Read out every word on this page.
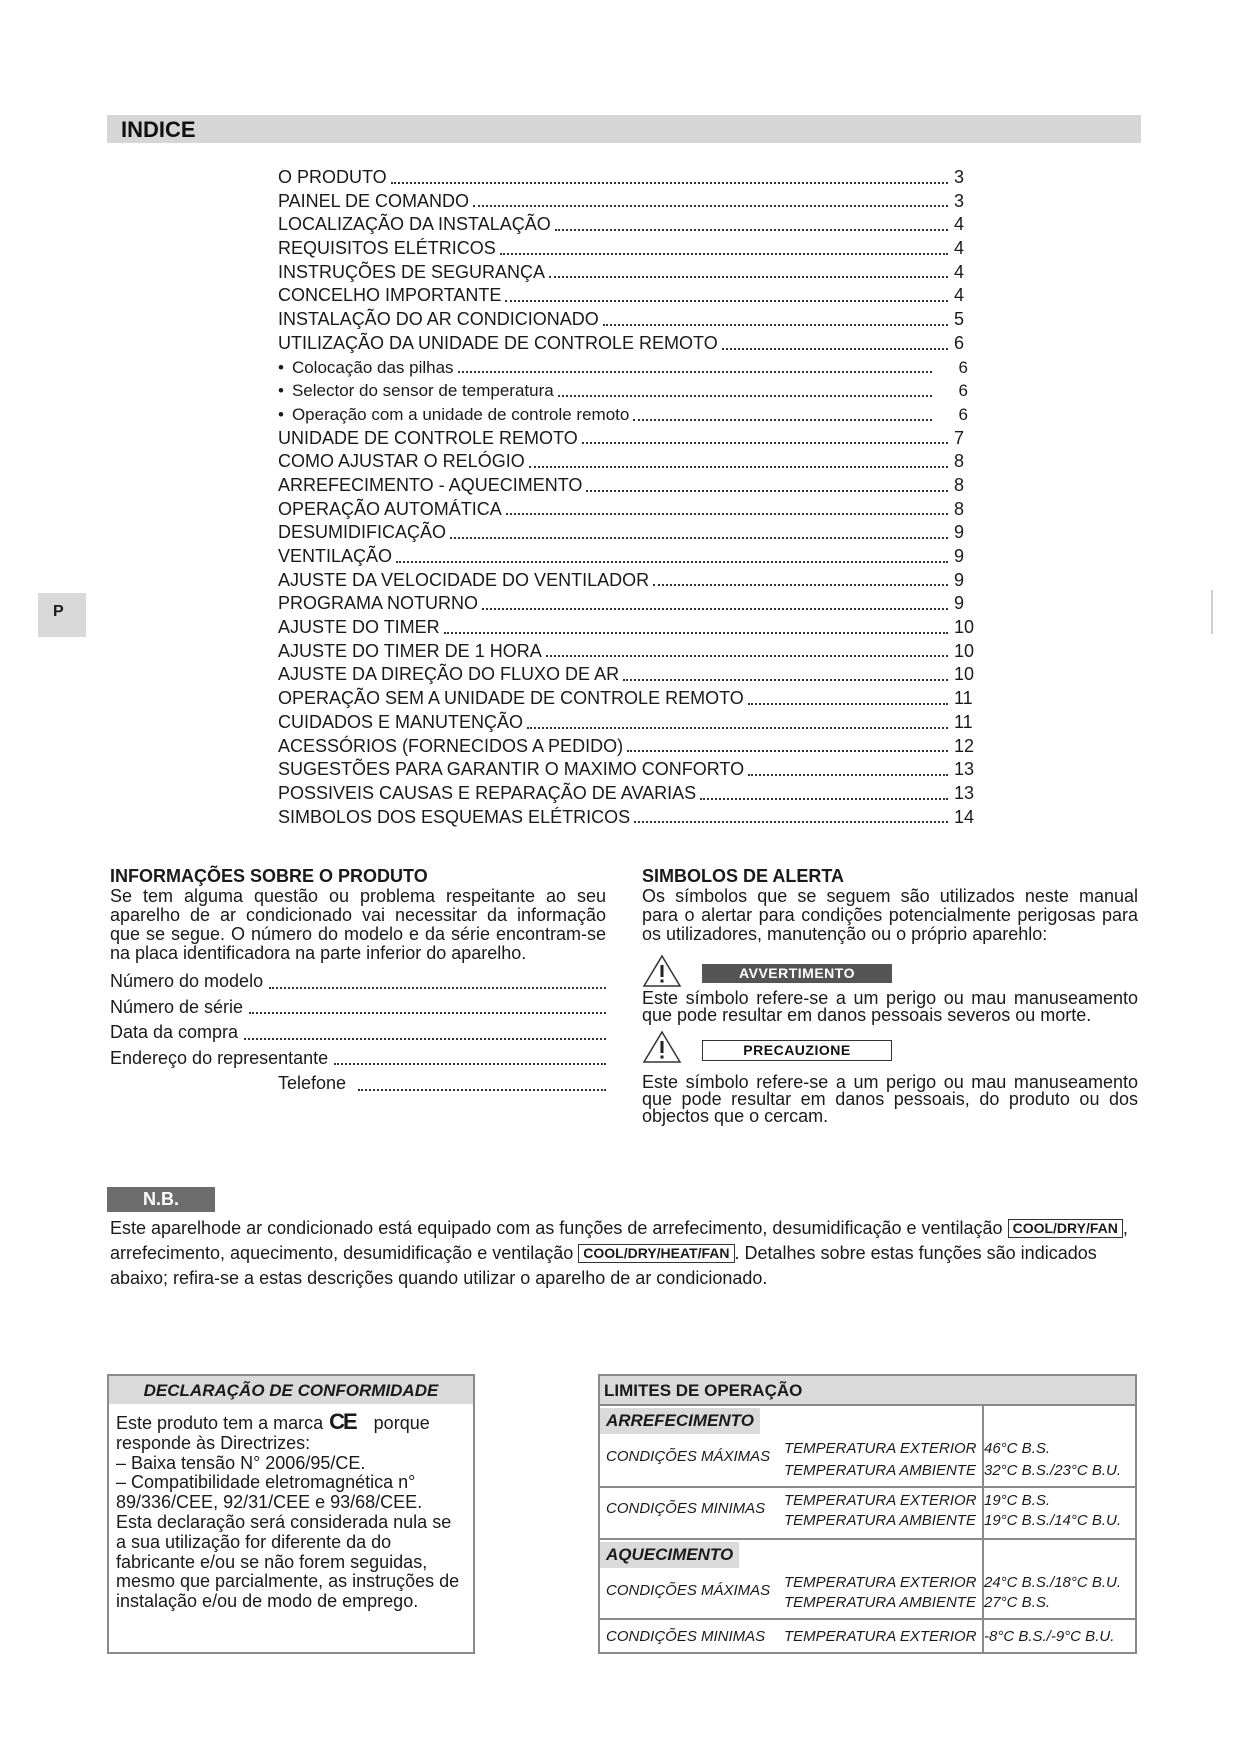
INDICE
O PRODUTO	3
PAINEL DE COMANDO	3
LOCALIZAÇÃO DA INSTALAÇÃO	4
REQUISITOS ELÉTRICOS	4
INSTRUÇÕES DE SEGURANÇA	4
CONCELHO IMPORTANTE	4
INSTALAÇÃO DO AR CONDICIONADO	5
UTILIZAÇÃO DA UNIDADE DE CONTROLE REMOTO	6
• Colocação das pilhas	6
• Selector do sensor de temperatura	6
• Operação com a unidade de controle remoto	6
UNIDADE DE CONTROLE REMOTO	7
COMO AJUSTAR O RELÓGIO	8
ARREFECIMENTO - AQUECIMENTO	8
OPERAÇÃO AUTOMÁTICA	8
DESUMIDIFICAÇÃO	9
VENTILAÇÃO	9
AJUSTE DA VELOCIDADE DO VENTILADOR	9
PROGRAMA NOTURNO	9
AJUSTE DO TIMER	10
AJUSTE DO TIMER DE 1 HORA	10
AJUSTE DA DIREÇÃO DO FLUXO DE AR	10
OPERAÇÃO SEM A UNIDADE DE CONTROLE REMOTO	11
CUIDADOS E MANUTENÇÃO	11
ACESSÓRIOS (FORNECIDOS A PEDIDO)	12
SUGESTÕES PARA GARANTIR O MAXIMO CONFORTO	13
POSSIVEIS CAUSAS E REPARAÇÃO DE AVARIAS	13
SIMBOLOS DOS ESQUEMAS ELÉTRICOS	14
P
INFORMAÇÕES SOBRE O PRODUTO
Se tem alguma questão ou problema respeitante ao seu aparelho de ar condicionado vai necessitar da informação que se segue. O número do modelo e da série encontram-se na placa identificadora na parte inferior do aparelho.
Número do modelo
Número de série
Data da compra
Endereço do representante
Telefone
SIMBOLOS DE ALERTA
Os símbolos que se seguem são utilizados neste manual para o alertar para condições potencialmente perigosas para os utilizadores, manutenção ou o próprio aparehlo:
AVVERTIMENTO
Este símbolo refere-se a um perigo ou mau manuseamento que pode resultar em danos pessoais severos ou morte.
PRECAUZIONE
Este símbolo refere-se a um perigo ou mau manuseamento que pode resultar em danos pessoais, do produto ou dos objectos que o cercam.
N.B.
Este aparelhode ar condicionado está equipado com as funções de arrefecimento, desumidificação e ventilação COOL/DRY/FAN , arrefecimento, aquecimento, desumidificação e ventilação COOL/DRY/HEAT/FAN . Detalhes sobre estas funções são indicados abaixo; refira-se a estas descrições quando utilizar o aparelho de ar condicionado.
DECLARAÇÃO DE CONFORMIDADE
Este produto tem a marca CE porque
responde às Directrizes:
– Baixa tensão N° 2006/95/CE.
– Compatibilidade eletromagnética n° 89/336/CEE, 92/31/CEE e 93/68/CEE.
Esta declaração será considerada nula se a sua utilização for diferente da do fabricante e/ou se não forem seguidas, mesmo que parcialmente, as instruções de instalação e/ou de modo de emprego.
LIMITES DE OPERAÇÃO
ARREFECIMENTO
CONDIÇÕES MÁXIMAS TEMPERATURA EXTERIOR 46°C B.S.
TEMPERATURA AMBIENTE 32°C B.S./23°C B.U.
CONDIÇÕES MINIMAS TEMPERATURA EXTERIOR 19°C B.S.
TEMPERATURA AMBIENTE 19°C B.S./14°C B.U.
AQUECIMENTO
CONDIÇÕES MÁXIMAS TEMPERATURA EXTERIOR 24°C B.S./18°C B.U.
TEMPERATURA AMBIENTE 27°C B.S.
CONDIÇÕES MINIMAS TEMPERATURA EXTERIOR -8°C B.S./-9°C B.U.
